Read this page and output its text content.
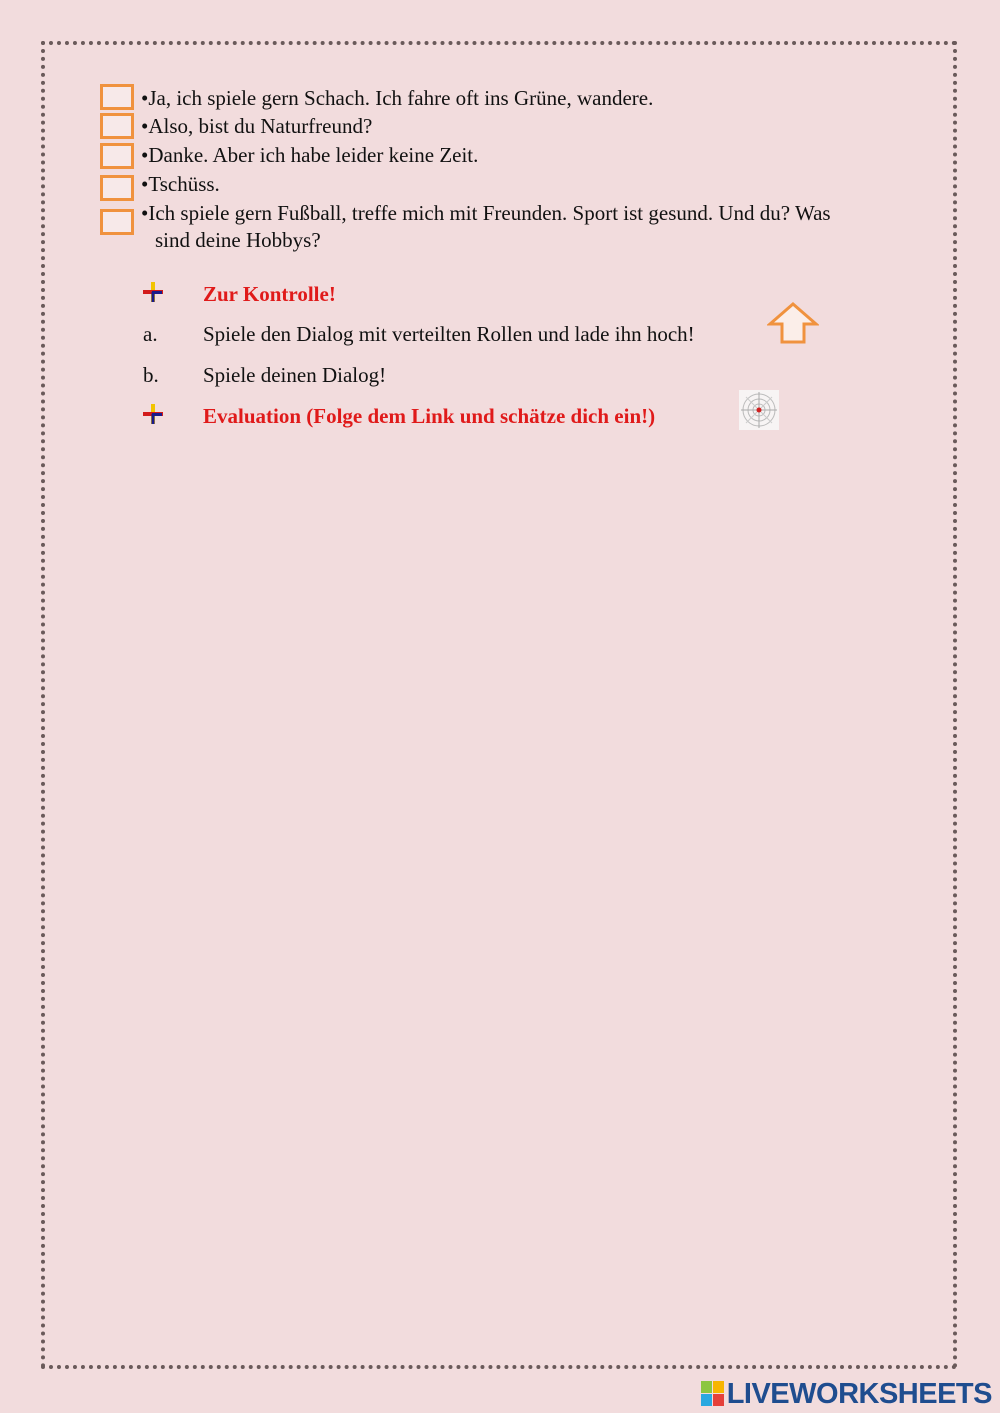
•Ja, ich spiele gern Schach. Ich fahre oft ins Grüne, wandere.
•Also, bist du Naturfreund?
•Danke. Aber ich habe leider keine Zeit.
•Tschüss.
•Ich spiele gern Fußball, treffe mich mit Freunden. Sport ist gesund. Und du? Was
sind deine Hobbys?
Zur Kontrolle!
a. Spiele den Dialog mit verteilten Rollen und lade ihn hoch!
b. Spiele deinen Dialog!
Evaluation (Folge dem Link und schätze dich ein!)
LIVEWORKSHEETS
